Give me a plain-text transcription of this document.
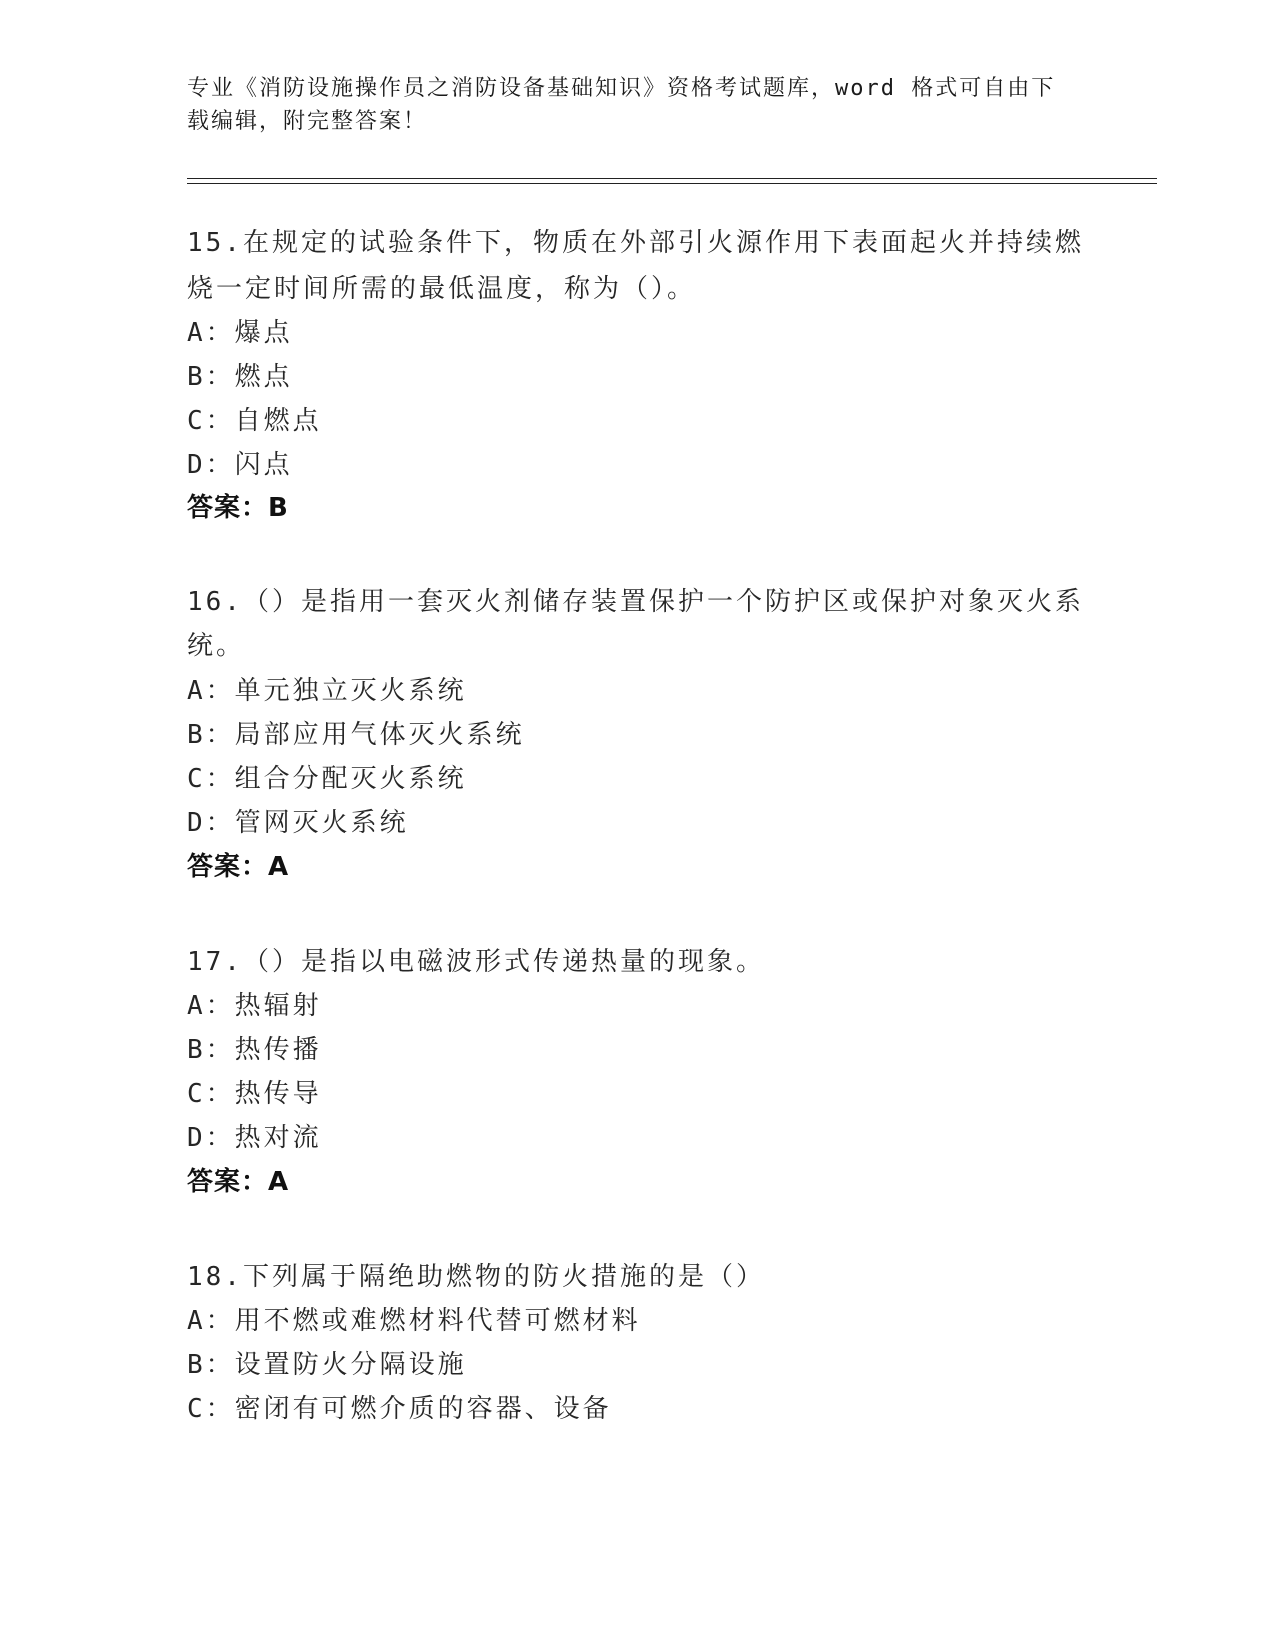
专业《消防设施操作员之消防设备基础知识》资格考试题库，word 格式可自由下
载编辑，附完整答案！
15.在规定的试验条件下，物质在外部引火源作用下表面起火并持续燃
烧一定时间所需的最低温度，称为（）。
A：爆点
B：燃点
C：自燃点
D：闪点
答案：B
16.（）是指用一套灭火剂储存装置保护一个防护区或保护对象灭火系
统。
A：单元独立灭火系统
B：局部应用气体灭火系统
C：组合分配灭火系统
D：管网灭火系统
答案：A
17.（）是指以电磁波形式传递热量的现象。
A：热辐射
B：热传播
C：热传导
D：热对流
答案：A
18.下列属于隔绝助燃物的防火措施的是（）
A：用不燃或难燃材料代替可燃材料
B：设置防火分隔设施
C：密闭有可燃介质的容器、设备
